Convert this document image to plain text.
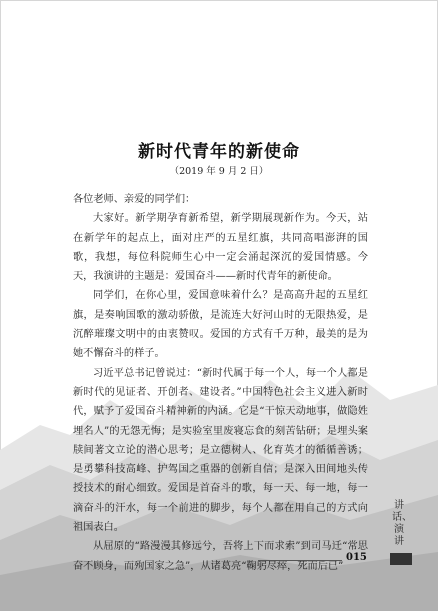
新时代青年的新使命
（2019 年 9 月 2 日）

各位老师、亲爱的同学们：

大家好。新学期孕育新希望，新学期展现新作为。今天，站在新学年的起点上，面对庄严的五星红旗，共同高唱澎湃的国歌，我想，每位科院师生心中一定会涌起深沉的爱国情感。今天，我演讲的主题是：爱国奋斗——新时代青年的新使命。

同学们，在你心里，爱国意味着什么？是高高升起的五星红旗，是奏响国歌的激动骄傲，是流连大好河山时的无限热爱，是沉醉璀璨文明中的由衷赞叹。爱国的方式有千万种，最美的是为她不懈奋斗的样子。

习近平总书记曾说过：“新时代属于每一个人，每一个人都是新时代的见证者、开创者、建设者。”中国特色社会主义进入新时代，赋予了爱国奋斗精神新的内涵。它是“干惊天动地事，做隐姓埋名人”的无怨无悔；是实验室里废寝忘食的刻苦钻研；是埋头案牍间著文立论的潜心思考；是立德树人、化育英才的循循善诱；是勇攀科技高峰、护驾国之重器的创新自信；是深入田间地头传授技术的耐心细致。爱国是首奋斗的歌，每一天、每一地，每一滴奋斗的汗水，每一个前进的脚步，每个人都在用自己的方式向祖国表白。

从屈原的“路漫漫其修远兮，吾将上下而求索”到司马迁“常思奋不顾身，而殉国家之急”，从诸葛亮“鞠躬尽瘁，死而后已”

讲话、演讲
015
